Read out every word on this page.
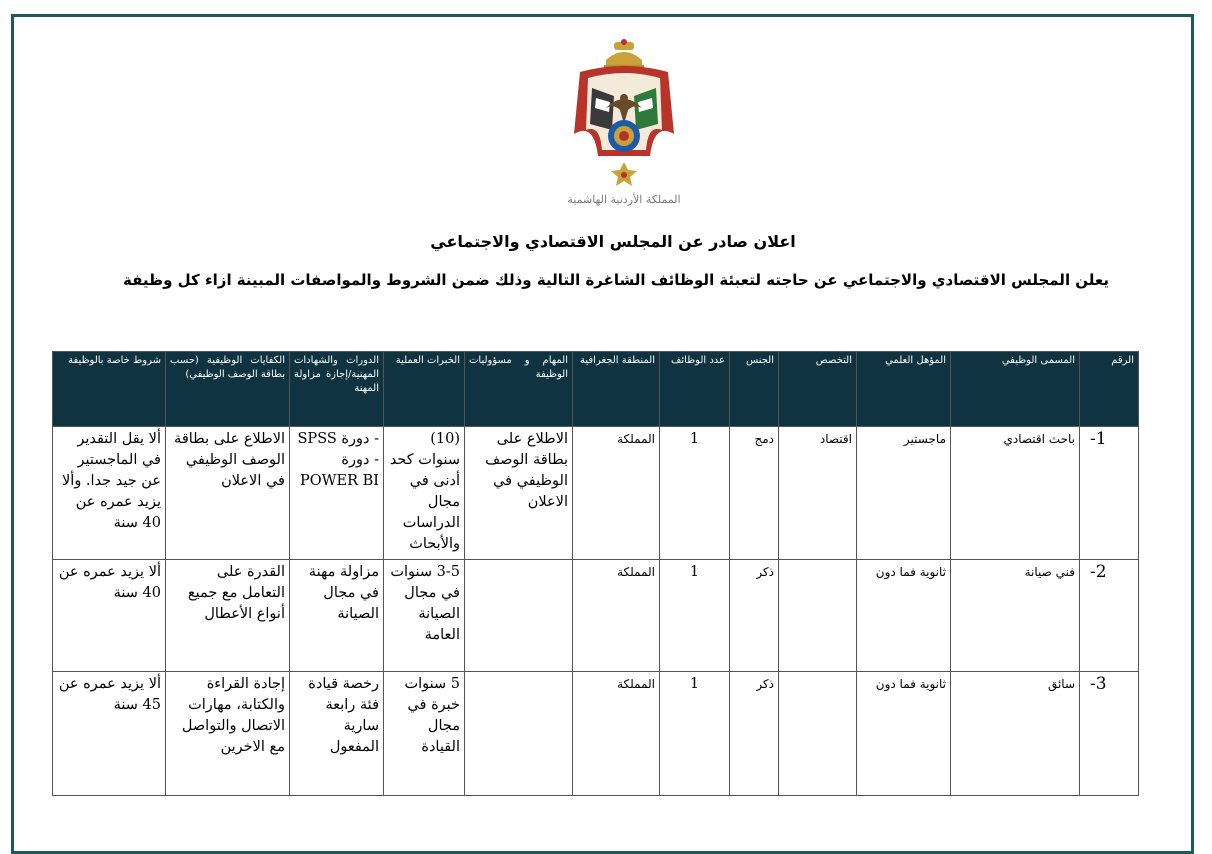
المملكة الأردنية الهاشمية
اعلان صادر عن المجلس الاقتصادي والاجتماعي
يعلن المجلس الاقتصادي والاجتماعي عن حاجته لتعبئة الوظائف الشاغرة التالية وذلك ضمن الشروط والمواصفات المبينة ازاء كل وظيفة
الرقم	المسمى الوظيفي	المؤهل العلمي	التخصص	الجنس	عدد الوظائف	المنطقة الجغرافية	المهام و مسؤوليات الوظيفة	الخبرات العملية	الدورات والشهادات المهنية/إجازة مزاولة المهنة	الكفايات الوظيفية (حسب بطاقة الوصف الوظيفي)	شروط خاصة بالوظيفة
1-	باحث اقتصادي	ماجستير	اقتصاد	دمج	1	المملكة	الاطلاع على بطاقة الوصف الوظيفي في الاعلان	(10) سنوات كحد أدنى في مجال الدراسات والأبحاث	- دورة SPSS - دورة POWER BI	الاطلاع على بطاقة الوصف الوظيفي في الاعلان	ألا يقل التقدير في الماجستير عن جيد جدا. وألا يزيد عمره عن 40 سنة
2-	فني صيانة	ثانوية فما دون		ذكر	1	المملكة		3-5 سنوات في مجال الصيانة العامة	مزاولة مهنة في مجال الصيانة	القدرة على التعامل مع جميع أنواع الأعطال	ألا يزيد عمره عن 40 سنة
3-	سائق	ثانوية فما دون		ذكر	1	المملكة		5 سنوات خبرة في مجال القيادة	رخصة قيادة فئة رابعة سارية المفعول	إجادة القراءة والكتابة، مهارات الاتصال والتواصل مع الاخرين	ألا يزيد عمره عن 45 سنة
